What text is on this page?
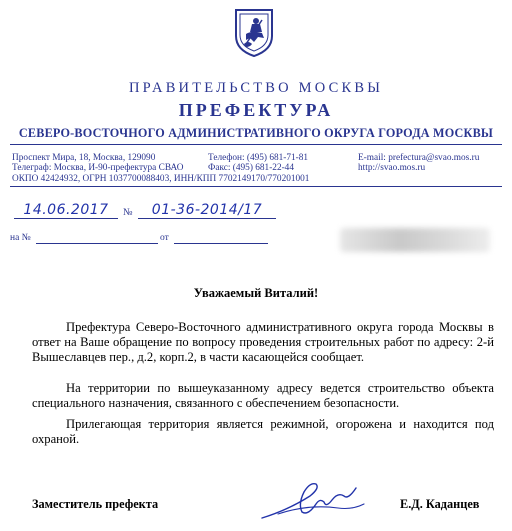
ПРАВИТЕЛЬСТВО МОСКВЫ
ПРЕФЕКТУРА
СЕВЕРО-ВОСТОЧНОГО АДМИНИСТРАТИВНОГО ОКРУГА ГОРОДА МОСКВЫ
Проспект Мира, 18, Москва, 129090
Телеграф: Москва, И-90-префектура СВАО
ОКПО 42424932, ОГРН 1037700088403, ИНН/КПП 7702149170/770201001
Телефон: (495) 681-71-81
Факс: (495) 681-22-44
E-mail: prefectura@svao.mos.ru
http://svao.mos.ru
14.06.2017	№	01-36-2014/17
на №	от
Уважаемый Виталий!
Префектура Северо-Восточного административного округа города Москвы в ответ на Ваше обращение по вопросу проведения строительных работ по адресу: 2-й Вышеславцев пер., д.2, корп.2, в части касающейся сообщает.
На территории по вышеуказанному адресу ведется строительство объекта специального назначения, связанного с обеспечением безопасности.
Прилегающая территория является режимной, огорожена и находится под охраной.
Заместитель префекта	Е.Д. Каданцев
